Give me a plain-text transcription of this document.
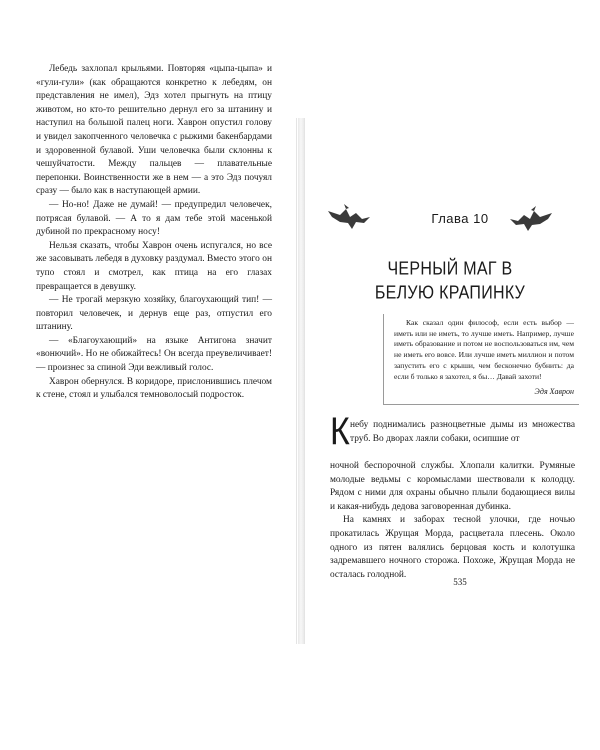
Лебедь захлопал крыльями. Повторяя «цыпа-цыпа» и «гули-гули» (как обращаются конкретно к лебедям, он представления не имел), Эдз хотел прыгнуть на птицу животом, но кто-то решительно дернул его за штанину и наступил на большой палец ноги. Хаврон опустил голову и увидел закопченного человечка с рыжими бакенбардами и здоровенной булавой. Уши человечка были склонны к чешуйчатости. Между пальцев — плавательные перепонки. Воинственности же в нем — а это Эдз почуял сразу — было как в наступающей армии.

— Но-но! Даже не думай! — предупредил человечек, потрясая булавой. — А то я дам тебе этой масенькой дубиной по прекрасному носу!

Нельзя сказать, чтобы Хаврон очень испугался, но все же засовывать лебедя в духовку раздумал. Вместо этого он тупо стоял и смотрел, как птица на его глазах превращается в девушку.

— Не трогай мерзкую хозяйку, благоухающий тип! — повторил человечек, и дернув еще раз, отпустил его штанину.

— «Благоухающий» на языке Антигона значит «вонючий». Но не обижайтесь! Он всегда преувеличивает! — произнес за спиной Эди вежливый голос.

Хаврон обернулся. В коридоре, прислонившись плечом к стене, стоял и улыбался темноволосый подросток.

Глава 10
ЧЕРНЫЙ МАГ В БЕЛУЮ КРАПИНКУ

Как сказал один философ, если есть выбор — иметь или не иметь, то лучше иметь. Например, лучше иметь образование и потом не воспользоваться им, чем не иметь его вовсе. Или лучше иметь миллион и потом запустить его с крыши, чем бесконечно бубнить: да если б только я захотел, я бы… Давай захоти!

Эдя Хаврон
К небу поднимались разноцветные дымы из множества труб. Во дворах лаяли собаки, осипшие от

ночной беспорочной службы. Хлопали калитки. Румяные молодые ведьмы с коромыслами шествовали к колодцу. Рядом с ними для охраны обычно плыли бодающиеся вилы и какая-нибудь дедова заговоренная дубинка.

На камнях и заборах тесной улочки, где ночью прокатилась Жрущая Морда, расцветала плесень. Около одного из пятен валялись берцовая кость и колотушка задремавшего ночного сторожа. Похоже, Жрущая Морда не осталась голодной.

535
